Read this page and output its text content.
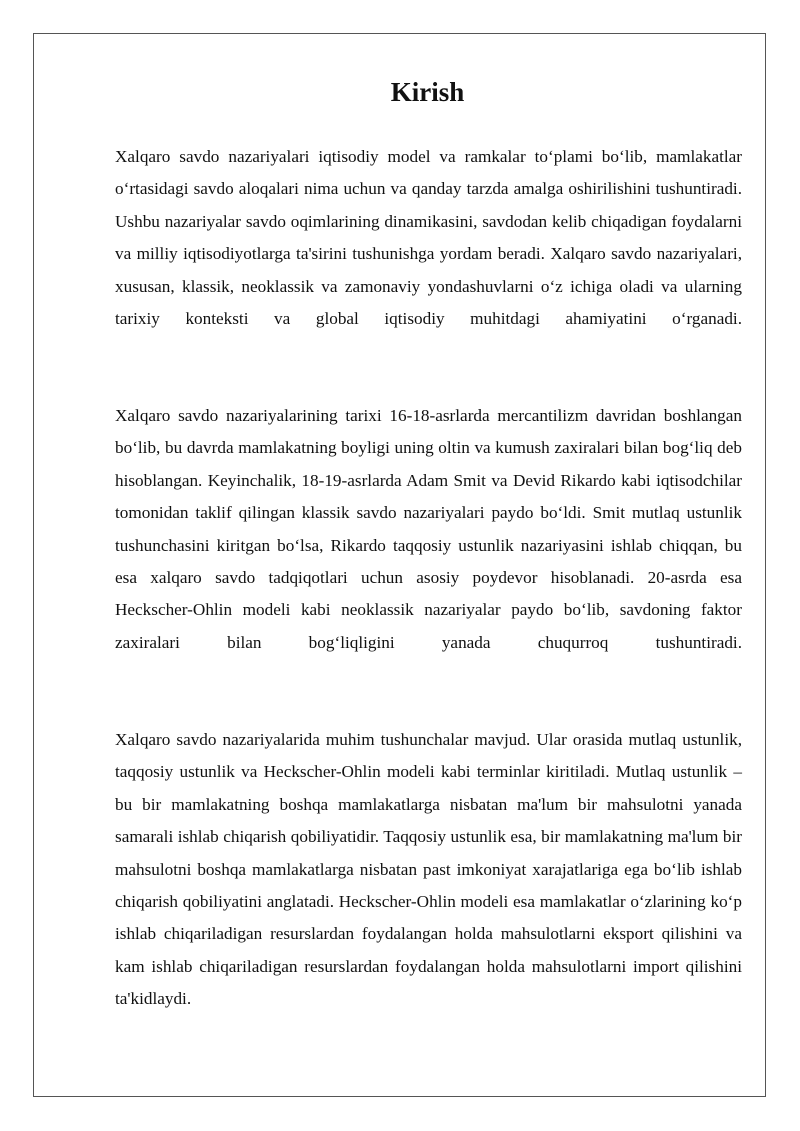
Kirish

Xalqaro savdo nazariyalari iqtisodiy model va ramkalar to‘plami bo‘lib, mamlakatlar o‘rtasidagi savdo aloqalari nima uchun va qanday tarzda amalga oshirilishini tushuntiradi. Ushbu nazariyalar savdo oqimlarining dinamikasini, savdodan kelib chiqadigan foydalarni va milliy iqtisodiyotlarga ta'sirini tushunishga yordam beradi. Xalqaro savdo nazariyalari, xususan, klassik, neoklassik va zamonaviy yondashuvlarni o‘z ichiga oladi va ularning tarixiy konteksti va global iqtisodiy muhitdagi ahamiyatini o‘rganadi.

Xalqaro savdo nazariyalarining tarixi 16-18-asrlarda mercantilizm davridan boshlangan bo‘lib, bu davrda mamlakatning boyligi uning oltin va kumush zaxiralari bilan bog‘liq deb hisoblangan. Keyinchalik, 18-19-asrlarda Adam Smit va Devid Rikardo kabi iqtisodchilar tomonidan taklif qilingan klassik savdo nazariyalari paydo bo‘ldi. Smit mutlaq ustunlik tushunchasini kiritgan bo‘lsa, Rikardo taqqosiy ustunlik nazariyasini ishlab chiqqan, bu esa xalqaro savdo tadqiqotlari uchun asosiy poydevor hisoblanadi. 20-asrda esa Heckscher-Ohlin modeli kabi neoklassik nazariyalar paydo bo‘lib, savdoning faktor zaxiralari bilan bog‘liqligini yanada chuqurroq tushuntiradi.

Xalqaro savdo nazariyalarida muhim tushunchalar mavjud. Ular orasida mutlaq ustunlik, taqqosiy ustunlik va Heckscher-Ohlin modeli kabi terminlar kiritiladi. Mutlaq ustunlik – bu bir mamlakatning boshqa mamlakatlarga nisbatan ma'lum bir mahsulotni yanada samarali ishlab chiqarish qobiliyatidir. Taqqosiy ustunlik esa, bir mamlakatning ma'lum bir mahsulotni boshqa mamlakatlarga nisbatan past imkoniyat xarajatlariga ega bo‘lib ishlab chiqarish qobiliyatini anglatadi. Heckscher-Ohlin modeli esa mamlakatlar o‘zlarining ko‘p ishlab chiqariladigan resurslardan foydalangan holda mahsulotlarni eksport qilishini va kam ishlab chiqariladigan resurslardan foydalangan holda mahsulotlarni import qilishini ta'kidlaydi.
